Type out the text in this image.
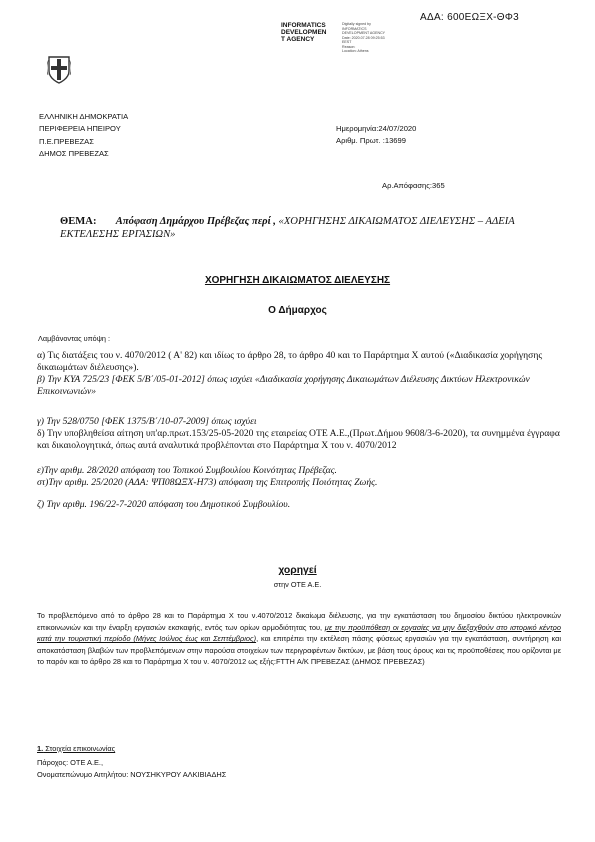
ΑΔΑ: 600ΕΩΞΧ-ΘΦ3
INFORMATICS
DEVELOPMEN
T AGENCY
Digitally signed by
INFORMATICS
DEVELOPMENT AGENCY
Date: 2020.07.28 09:25:53
EEST
Reason:
Location: Athens
ΕΛΛΗΝΙΚΗ ΔΗΜΟΚΡΑΤΙΑ
ΠΕΡΙΦΕΡΕΙΑ ΗΠΕΙΡΟΥ
Π.Ε.ΠΡΕΒΕΖΑΣ
ΔΗΜΟΣ ΠΡΕΒΕΖΑΣ
Ημερομηνία:24/07/2020
Αριθμ. Πρωτ. :13699
Αρ.Απόφασης:365
ΘΕΜΑ: Απόφαση Δημάρχου Πρέβεζας περί , «ΧΟΡΗΓΗΣΗΣ ΔΙΚΑΙΩΜΑΤΟΣ ΔΙΕΛΕΥΣΗΣ – ΑΔΕΙΑ ΕΚΤΕΛΕΣΗΣ ΕΡΓΑΣΙΩΝ»
ΧΟΡΗΓΗΣΗ ΔΙΚΑΙΩΜΑΤΟΣ ΔΙΕΛΕΥΣΗΣ
Ο Δήμαρχος
Λαμβάνοντας υπόψη :
α) Τις διατάξεις του ν. 4070/2012 ( Α' 82) και ιδίως το άρθρο 28, το άρθρο 40 και το Παράρτημα Χ αυτού («Διαδικασία χορήγησης δικαιωμάτων διέλευσης»).
β) Την ΚΥΑ 725/23 [ΦΕΚ 5/Β΄/05-01-2012] όπως ισχύει «Διαδικασία χορήγησης Δικαιωμάτων Διέλευσης Δικτύων Ηλεκτρονικών Επικοινωνιών»
γ) Την 528/0750 [ΦΕΚ 1375/Β΄/10-07-2009] όπως ισχύει
δ) Την υποβληθείσα αίτηση υπ'αρ.πρωτ.153/25-05-2020 της εταιρείας ΟΤΕ Α.Ε.,(Πρωτ.Δήμου 9608/3-6-2020), τα συνημμένα έγγραφα και δικαιολογητικά, όπως αυτά αναλυτικά προβλέπονται στο Παράρτημα Χ του ν. 4070/2012
ε)Την αριθμ. 28/2020 απόφαση του Τοπικού Συμβουλίου Κοινότητας Πρέβεζας.
στ)Την αριθμ. 25/2020 (ΑΔΑ: ΨΠ08ΩΞΧ-Η73) απόφαση της Επιτροπής Ποιότητας Ζωής.
ζ) Την αριθμ. 196/22-7-2020 απόφαση του Δημοτικού Συμβουλίου.
χορηγεί
στην ΟΤΕ Α.Ε.
Το προβλεπόμενο από το άρθρο 28 και το Παράρτημα Χ του ν.4070/2012 δικαίωμα διέλευσης, για την εγκατάσταση του δημοσίου δικτύου ηλεκτρονικών επικοινωνιών και την έναρξη εργασιών εκσκαφής, εντός των ορίων αρμοδιότητας του, με την προϋπόθεση οι εργασίες να μην διεξαχθούν στο ιστορικό κέντρο κατά την τουριστική περίοδο (Μήνες Ιούλιος έως και Σεπτέμβριος), και επιτρέπει την εκτέλεση πάσης φύσεως εργασιών για την εγκατάσταση, συντήρηση και αποκατάσταση βλαβών των προβλεπόμενων στην παρούσα στοιχείων των περιγραφέντων δικτύων, με βάση τους όρους και τις προϋποθέσεις που ορίζονται με το παρόν και το άρθρο 28 και το Παράρτημα Χ του ν. 4070/2012 ως εξής:FTTH Α/Κ ΠΡΕΒΕΖΑΣ (ΔΗΜΟΣ ΠΡΕΒΕΖΑΣ)
1. Στοιχεία επικοινωνίας
Πάροχος: ΟΤΕ Α.Ε.,
Ονοματεπώνυμο Αιτηλήτου: ΝΟΥΣΗΚΥΡΟΥ ΑΛΚΙΒΙΑΔΗΣ
